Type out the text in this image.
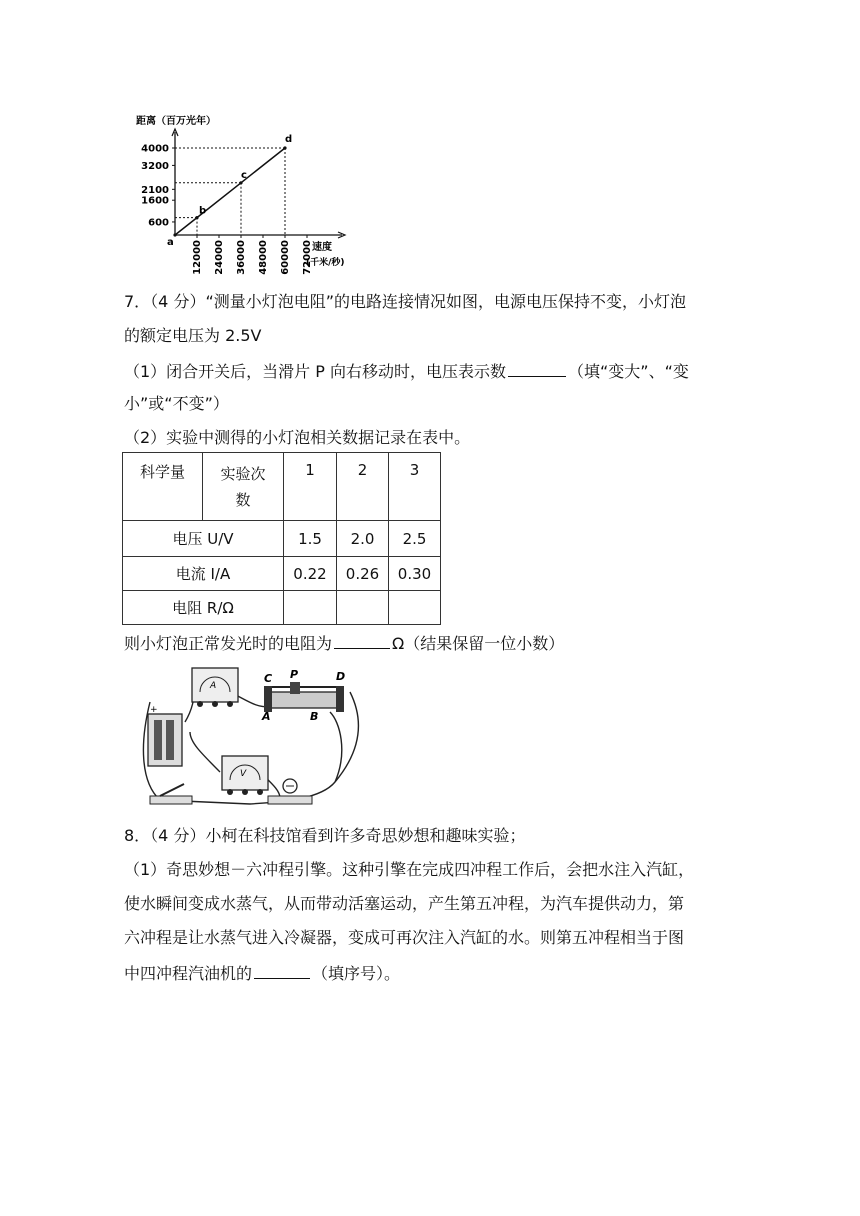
距离（百万光年）
600
1600
2100
3200
4000
12000 24000 36000 48000 60000 72000
a
b
c
d
速度
(千米/秒)
7．（4 分）“测量小灯泡电阻”的电路连接情况如图，电源电压保持不变，小灯泡
的额定电压为 2.5V
（1）闭合开关后，当滑片 P 向右移动时，电压表示数	（填“变大”、“变
小”或“不变”）
（2）实验中测得的小灯泡相关数据记录在表中。
科学量	实验次
数	1	2	3
电压 U/V		1.5	2.0	2.5
电流 I/A		0.22	0.26	0.30
电阻 R/Ω				
则小灯泡正常发光时的电阻为	Ω（结果保留一位小数）
+
A
V
C P	D
A	B
8．（4 分）小柯在科技馆看到许多奇思妙想和趣味实验；
（1）奇思妙想－六冲程引擎。这种引擎在完成四冲程工作后，会把水注入汽缸，
使水瞬间变成水蒸气，从而带动活塞运动，产生第五冲程，为汽车提供动力，第
六冲程是让水蒸气进入冷凝器，变成可再次注入汽缸的水。则第五冲程相当于图
中四冲程汽油机的	（填序号）。
